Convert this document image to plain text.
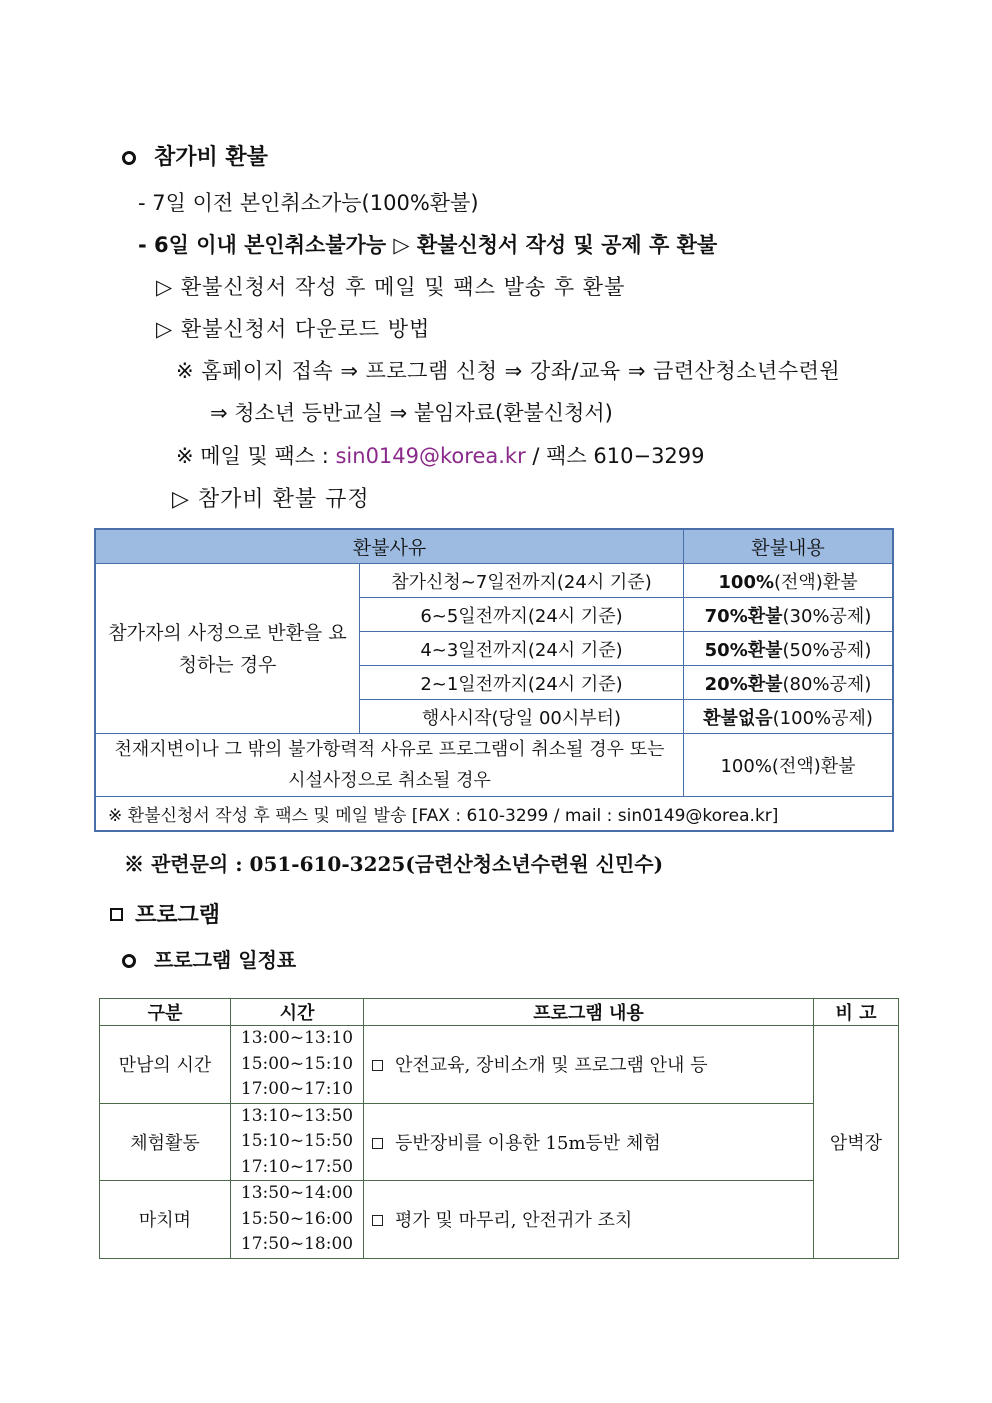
참가비 환불
- 7일 이전 본인취소가능(100%환불)
- 6일 이내 본인취소불가능 ▷ 환불신청서 작성 및 공제 후 환불
▷ 환불신청서 작성 후 메일 및 팩스 발송 후 환불
▷ 환불신청서 다운로드 방법
※ 홈페이지 접속 ⇒ 프로그램 신청 ⇒ 강좌/교육 ⇒ 금련산청소년수련원
⇒ 청소년 등반교실 ⇒ 붙임자료(환불신청서)
※ 메일 및 팩스 : sin0149@korea.kr / 팩스 610−3299
▷ 참가비 환불 규정
환불사유		환불내용
참가자의 사정으로 반환을 요청하는 경우	참가신청~7일전까지(24시 기준)	100%(전액)환불
	6~5일전까지(24시 기준)	70%환불(30%공제)
	4~3일전까지(24시 기준)	50%환불(50%공제)
	2~1일전까지(24시 기준)	20%환불(80%공제)
	행사시작(당일 00시부터)	환불없음(100%공제)
천재지변이나 그 밖의 불가항력적 사유로 프로그램이 취소될 경우 또는 시설사정으로 취소될 경우		100%(전액)환불
※ 환불신청서 작성 후 팩스 및 메일 발송 [FAX : 610-3299 / mail : sin0149@korea.kr]		
※ 관련문의 : 051-610-3225(금련산청소년수련원 신민수)
프로그램
프로그램 일정표
구분	시간	프로그램 내용	비 고
만남의 시간	13:00~13:10
15:00~15:10
17:00~17:10	안전교육, 장비소개 및 프로그램 안내 등	암벽장
체험활동	13:10~13:50
15:10~15:50
17:10~17:50	등반장비를 이용한 15m등반 체험	
마치며	13:50~14:00
15:50~16:00
17:50~18:00	평가 및 마무리, 안전귀가 조치	
